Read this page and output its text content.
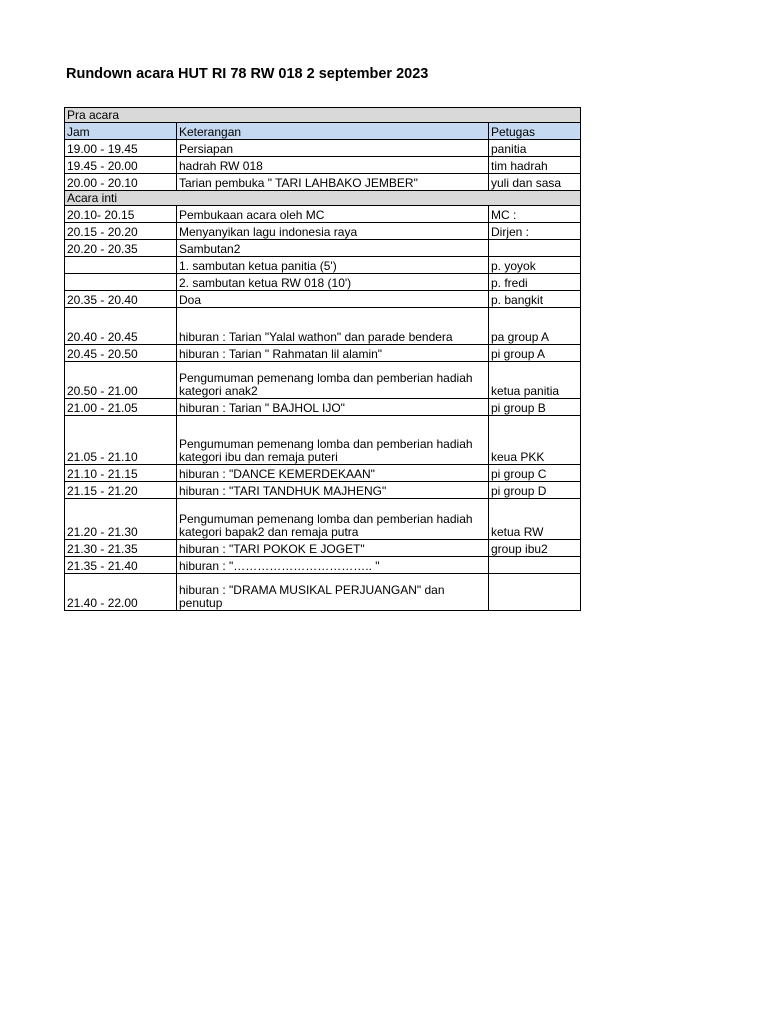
Rundown acara HUT RI 78 RW 018 2 september 2023
Pra acara		
Jam	Keterangan	Petugas
19.00 - 19.45	Persiapan	panitia
19.45 - 20.00	hadrah RW 018	tim hadrah
20.00 - 20.10	Tarian pembuka " TARI LAHBAKO JEMBER"	yuli dan sasa
Acara inti		
20.10- 20.15	Pembukaan acara oleh MC	MC :
20.15 - 20.20	Menyanyikan lagu indonesia raya	Dirjen :
20.20 - 20.35	Sambutan2	
	1. sambutan ketua panitia (5')	p. yoyok
	2. sambutan ketua RW 018 (10')	p. fredi
20.35 - 20.40	Doa	p. bangkit
20.40 - 20.45	hiburan : Tarian "Yalal wathon" dan parade bendera	pa group A
20.45 - 20.50	hiburan : Tarian " Rahmatan lil alamin"	pi group A
20.50 - 21.00	Pengumuman pemenang lomba dan pemberian hadiah kategori anak2	ketua panitia
21.00 - 21.05	hiburan : Tarian " BAJHOL IJO"	pi group B
21.05 - 21.10	Pengumuman pemenang lomba dan pemberian hadiah kategori ibu dan remaja puteri	keua PKK
21.10 - 21.15	hiburan : "DANCE KEMERDEKAAN"	pi group C
21.15 - 21.20	hiburan : "TARI TANDHUK MAJHENG"	pi group D
21.20 - 21.30	Pengumuman pemenang lomba dan pemberian hadiah kategori bapak2 dan remaja putra	ketua RW
21.30 - 21.35	hiburan : "TARI POKOK E JOGET"	group ibu2
21.35 - 21.40	hiburan : "…………………………….. "	
21.40 - 22.00	hiburan : "DRAMA MUSIKAL PERJUANGAN" dan penutup	
